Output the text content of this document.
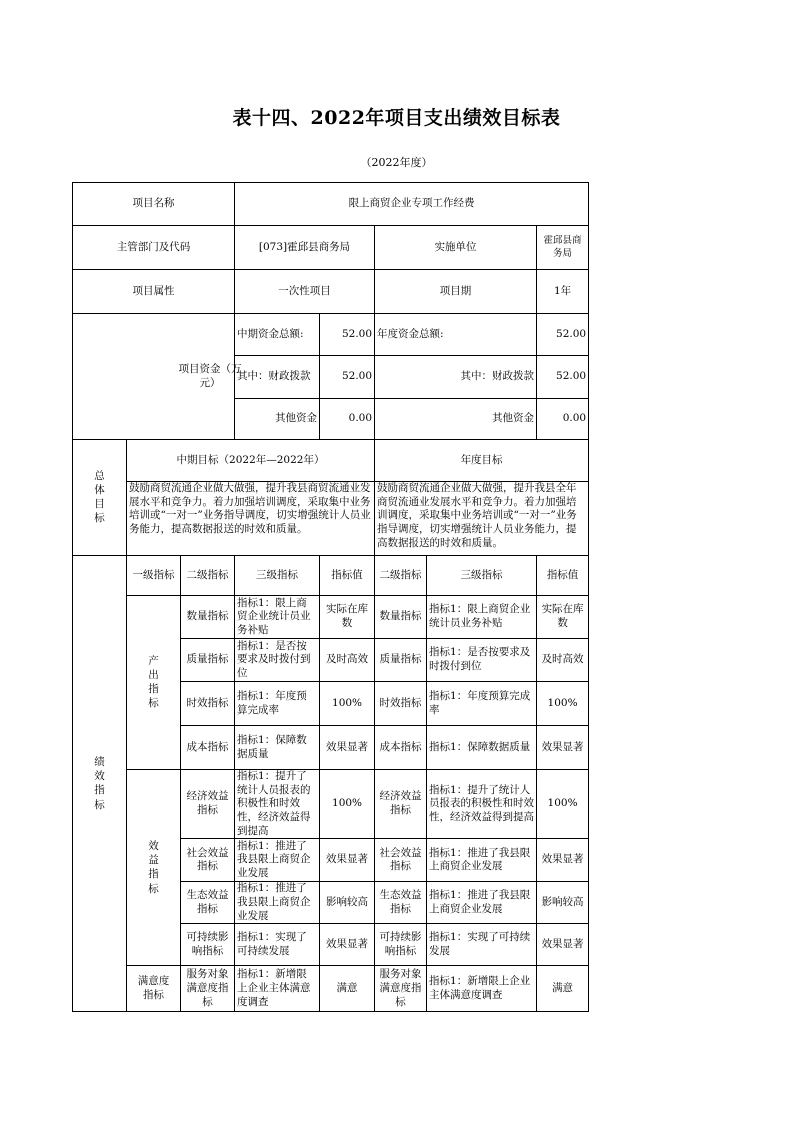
表十四、2022年项目支出绩效目标表
（2022年度）
项目名称			限上商贸企业专项工作经费				
主管部门及代码			[073]霍邱县商务局		实施单位		霍邱县商务局
项目属性			一次性项目		项目期		1年

项目资金（万元）			中期资金总额:	52.00	年度资金总额:		52.00
			其中：财政拨款	52.00	其中：财政拨款		52.00
			其他资金	0.00	其他资金		0.00
总体目标	中期目标（2022年—2022年）				年度目标		
	鼓励商贸流通企业做大做强，提升我县商贸流通业发展水平和竞争力。着力加强培训调度，采取集中业务培训或“一对一”业务指导调度，切实增强统计人员业务能力，提高数据报送的时效和质量。				鼓励商贸流通企业做大做强，提升我县全年商贸流通业发展水平和竞争力。着力加强培训调度，采取集中业务培训或“一对一”业务指导调度，切实增强统计人员业务能力，提高数据报送的时效和质量。		
绩效指标	一级指标	二级指标	三级指标	指标值	二级指标	三级指标	指标值
	产出指标	数量指标	指标1：限上商贸企业统计员业务补贴	实际在库数	数量指标	指标1：限上商贸企业统计员业务补贴	实际在库数
		质量指标	指标1：是否按要求及时拨付到位	及时高效	质量指标	指标1：是否按要求及时拨付到位	及时高效
		时效指标	指标1：年度预算完成率	100%	时效指标	指标1：年度预算完成率	100%
		成本指标	指标1：保障数据质量	效果显著	成本指标	指标1：保障数据质量	效果显著
	效益指标	经济效益指标	指标1：提升了统计人员报表的积极性和时效性，经济效益得到提高	100%	经济效益指标	指标1：提升了统计人员报表的积极性和时效性，经济效益得到提高	100%
		社会效益指标	指标1：推进了我县限上商贸企业发展	效果显著	社会效益指标	指标1：推进了我县限上商贸企业发展	效果显著
		生态效益指标	指标1：推进了我县限上商贸企业发展	影响较高	生态效益指标	指标1：推进了我县限上商贸企业发展	影响较高
		可持续影响指标	指标1：实现了可持续发展	效果显著	可持续影响指标	指标1：实现了可持续发展	效果显著

	满意度指标	服务对象满意度指标	指标1：新增限上企业主体满意度调查	满意	服务对象满意度指标	指标1：新增限上企业主体满意度调查	满意
